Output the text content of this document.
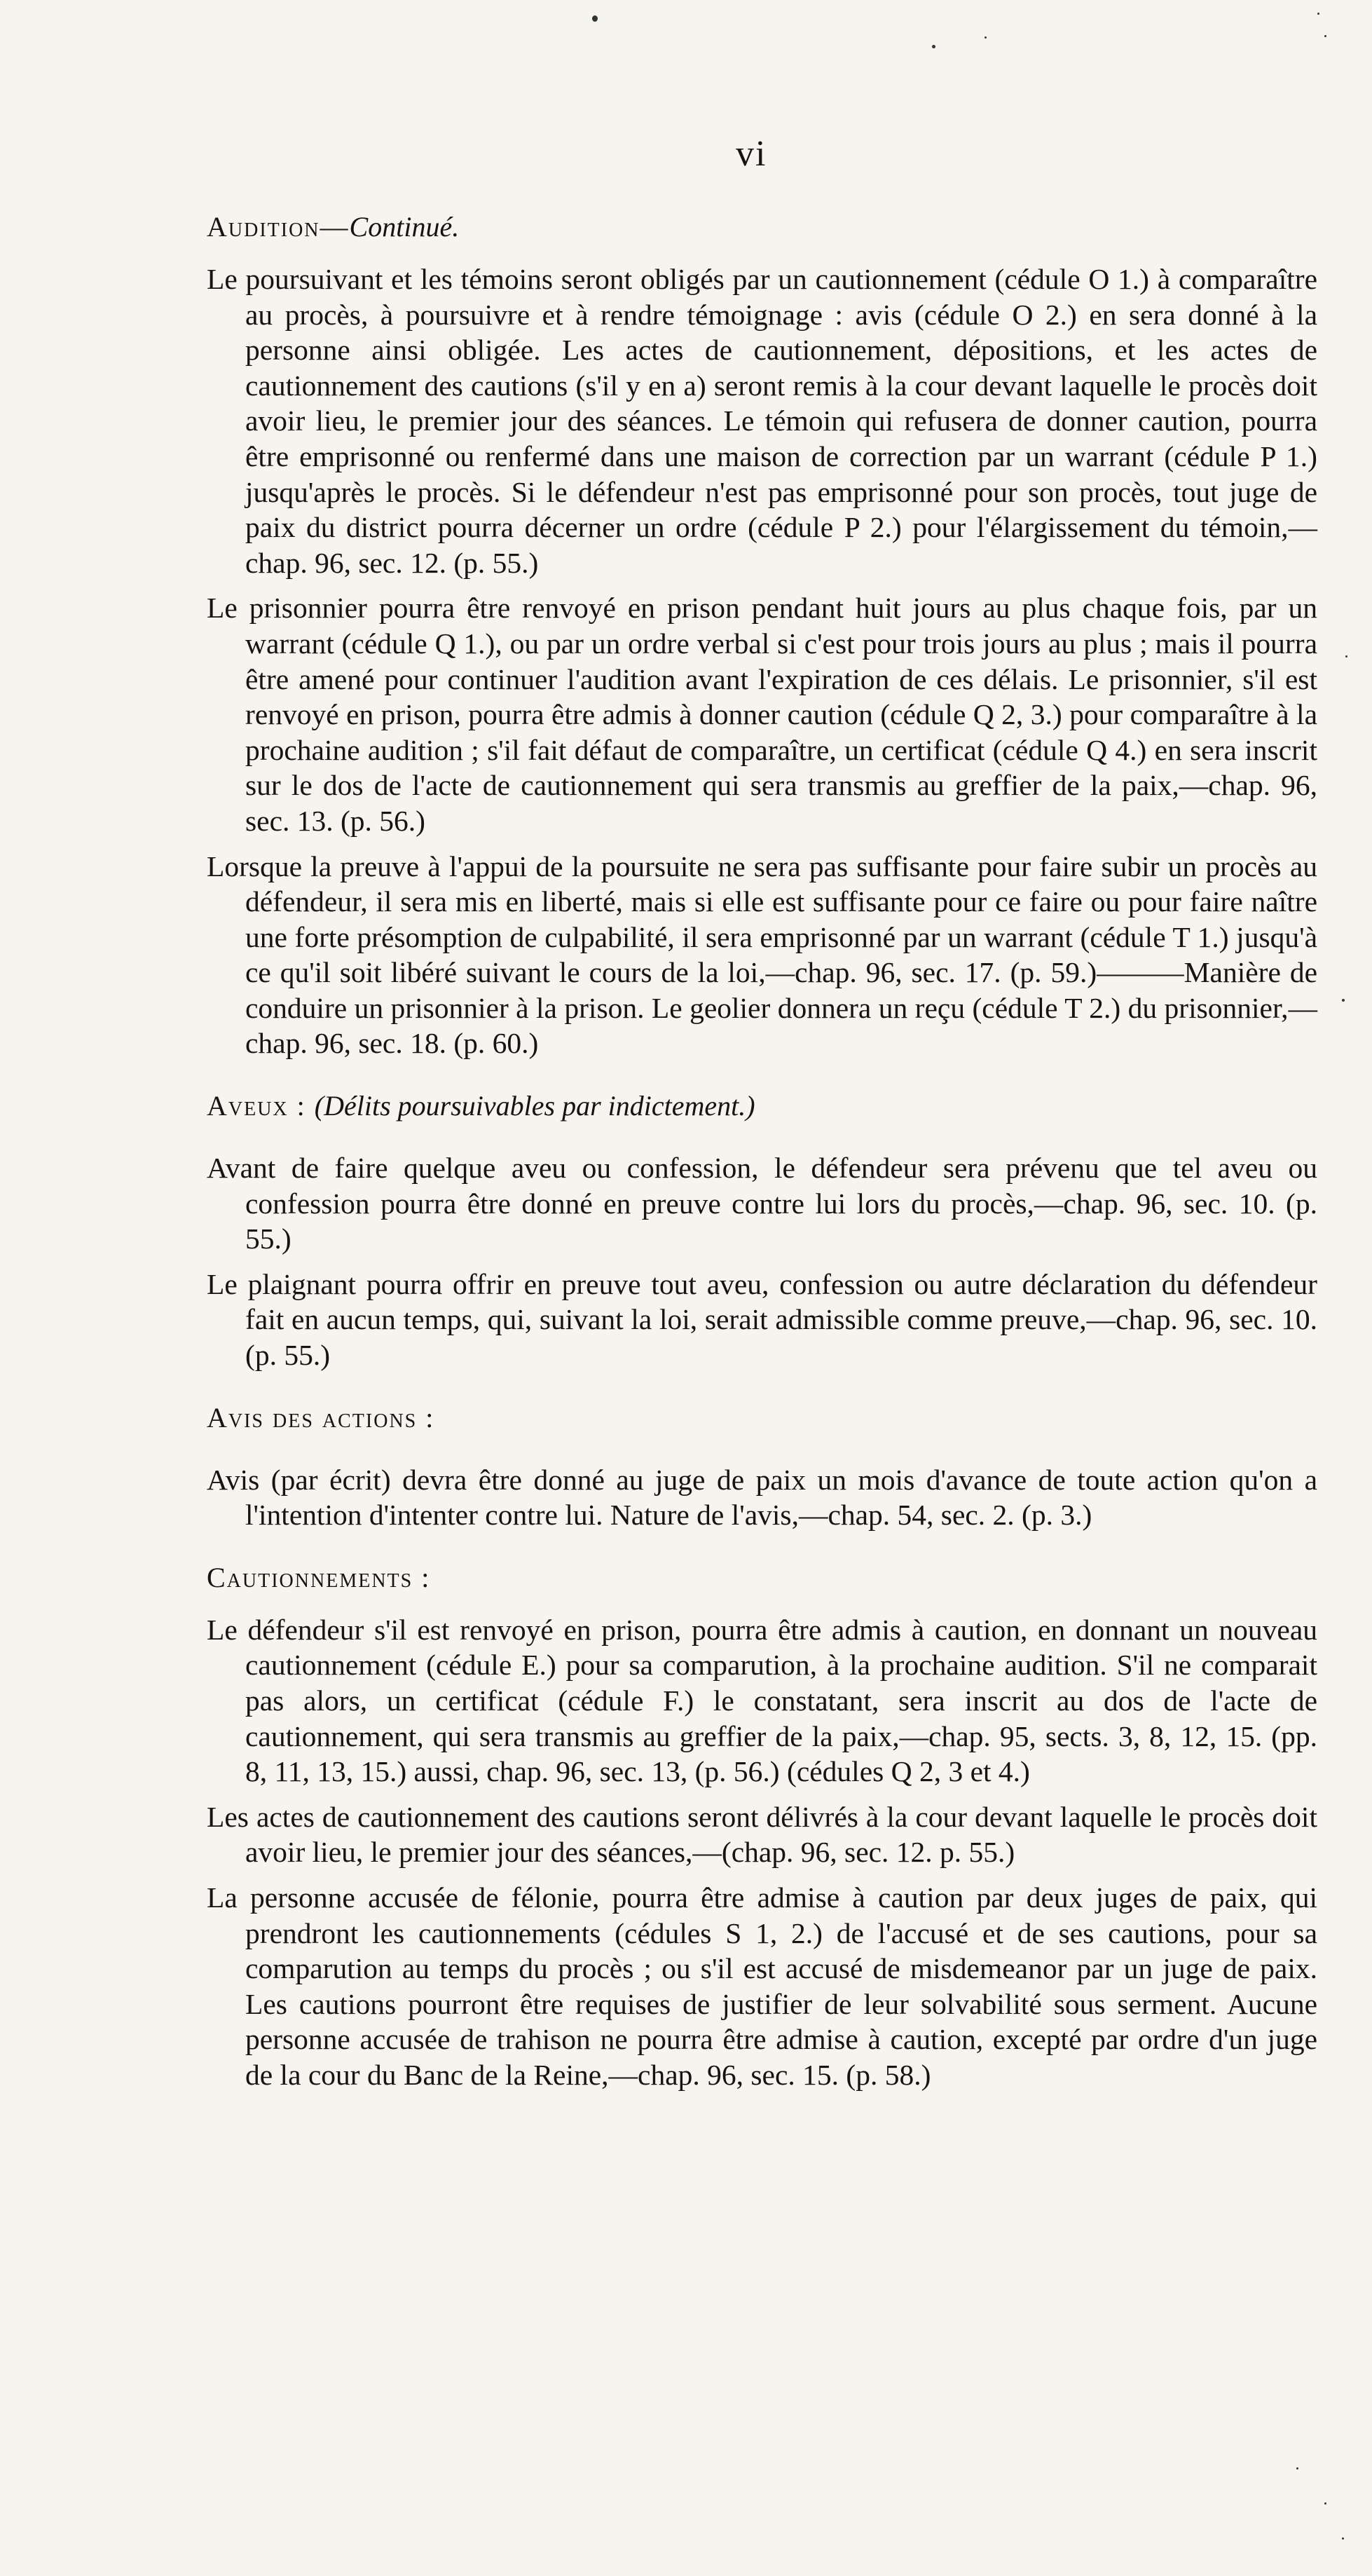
vi

Audition—Continué.

Le poursuivant et les témoins seront obligés par un cautionnement (cédule O 1.) à comparaître au procès, à poursuivre et à rendre témoignage : avis (cédule O 2.) en sera donné à la personne ainsi obligée. Les actes de cautionnement, dépositions, et les actes de cautionnement des cautions (s'il y en a) seront remis à la cour devant laquelle le procès doit avoir lieu, le premier jour des séances. Le témoin qui refusera de donner caution, pourra être emprisonné ou renfermé dans une maison de correction par un warrant (cédule P 1.) jusqu'après le procès. Si le défendeur n'est pas emprisonné pour son procès, tout juge de paix du district pourra décerner un ordre (cédule P 2.) pour l'élargissement du témoin,—chap. 96, sec. 12. (p. 55.)

Le prisonnier pourra être renvoyé en prison pendant huit jours au plus chaque fois, par un warrant (cédule Q 1.), ou par un ordre verbal si c'est pour trois jours au plus ; mais il pourra être amené pour continuer l'audition avant l'expiration de ces délais. Le prisonnier, s'il est renvoyé en prison, pourra être admis à donner caution (cédule Q 2, 3.) pour comparaître à la prochaine audition ; s'il fait défaut de comparaître, un certificat (cédule Q 4.) en sera inscrit sur le dos de l'acte de cautionnement qui sera transmis au greffier de la paix,—chap. 96, sec. 13. (p. 56.)

Lorsque la preuve à l'appui de la poursuite ne sera pas suffisante pour faire subir un procès au défendeur, il sera mis en liberté, mais si elle est suffisante pour ce faire ou pour faire naître une forte présomption de culpabilité, il sera emprisonné par un warrant (cédule T 1.) jusqu'à ce qu'il soit libéré suivant le cours de la loi,—chap. 96, sec. 17. (p. 59.)———Manière de conduire un prisonnier à la prison. Le geolier donnera un reçu (cédule T 2.) du prisonnier,—chap. 96, sec. 18. (p. 60.)

Aveux : (Délits poursuivables par indictement.)

Avant de faire quelque aveu ou confession, le défendeur sera prévenu que tel aveu ou confession pourra être donné en preuve contre lui lors du procès,—chap. 96, sec. 10. (p. 55.)

Le plaignant pourra offrir en preuve tout aveu, confession ou autre déclaration du défendeur fait en aucun temps, qui, suivant la loi, serait admissible comme preuve,—chap. 96, sec. 10. (p. 55.)

Avis des actions :

Avis (par écrit) devra être donné au juge de paix un mois d'avance de toute action qu'on a l'intention d'intenter contre lui. Nature de l'avis,—chap. 54, sec. 2. (p. 3.)

Cautionnements :

Le défendeur s'il est renvoyé en prison, pourra être admis à caution, en donnant un nouveau cautionnement (cédule E.) pour sa comparution, à la prochaine audition. S'il ne comparait pas alors, un certificat (cédule F.) le constatant, sera inscrit au dos de l'acte de cautionnement, qui sera transmis au greffier de la paix,—chap. 95, sects. 3, 8, 12, 15. (pp. 8, 11, 13, 15.) aussi, chap. 96, sec. 13, (p. 56.) (cédules Q 2, 3 et 4.)

Les actes de cautionnement des cautions seront délivrés à la cour devant laquelle le procès doit avoir lieu, le premier jour des séances,—(chap. 96, sec. 12. p. 55.)

La personne accusée de félonie, pourra être admise à caution par deux juges de paix, qui prendront les cautionnements (cédules S 1, 2.) de l'accusé et de ses cautions, pour sa comparution au temps du procès ; ou s'il est accusé de misdemeanor par un juge de paix. Les cautions pourront être requises de justifier de leur solvabilité sous serment. Aucune personne accusée de trahison ne pourra être admise à caution, excepté par ordre d'un juge de la cour du Banc de la Reine,—chap. 96, sec. 15. (p. 58.)
